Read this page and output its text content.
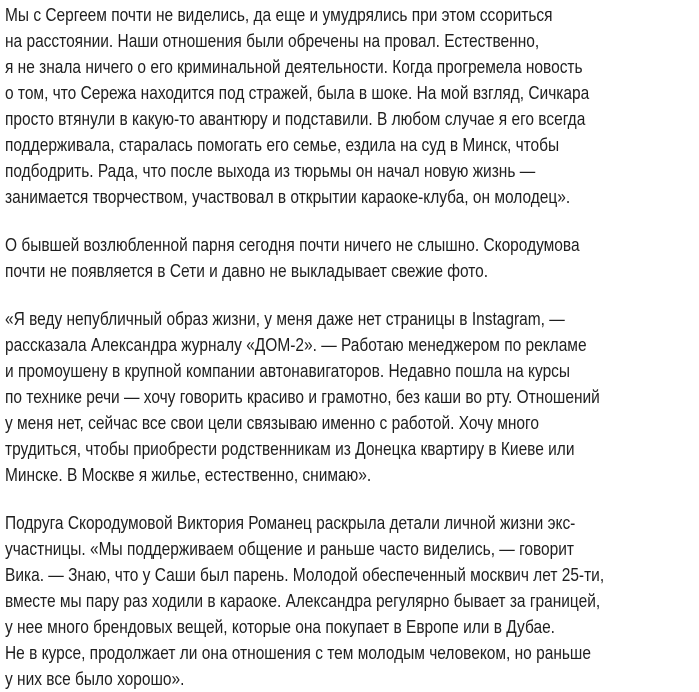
Мы с Сергеем почти не виделись, да еще и умудрялись при этом ссориться
на расстоянии. Наши отношения были обречены на провал. Естественно,
я не знала ничего о его криминальной деятельности. Когда прогремела новость
о том, что Сережа находится под стражей, была в шоке. На мой взгляд, Сичкара
просто втянули в какую-то авантюру и подставили. В любом случае я его всегда
поддерживала, старалась помогать его семье, ездила на суд в Минск, чтобы
подбодрить. Рада, что после выхода из тюрьмы он начал новую жизнь —
занимается творчеством, участвовал в открытии караоке-клуба, он молодец».

О бывшей возлюбленной парня сегодня почти ничего не слышно. Скородумова
почти не появляется в Сети и давно не выкладывает свежие фото.

«Я веду непубличный образ жизни, у меня даже нет страницы в Instagram, —
рассказала Александра журналу «ДОМ-2». — Работаю менеджером по рекламе
и промоушену в крупной компании автонавигаторов. Недавно пошла на курсы
по технике речи — хочу говорить красиво и грамотно, без каши во рту. Отношений
у меня нет, сейчас все свои цели связываю именно с работой. Хочу много
трудиться, чтобы приобрести родственникам из Донецка квартиру в Киеве или
Минске. В Москве я жилье, естественно, снимаю».

Подруга Скородумовой Виктория Романец раскрыла детали личной жизни экс-
участницы. «Мы поддерживаем общение и раньше часто виделись, — говорит
Вика. — Знаю, что у Саши был парень. Молодой обеспеченный москвич лет 25-ти,
вместе мы пару раз ходили в караоке. Александра регулярно бывает за границей,
у нее много брендовых вещей, которые она покупает в Европе или в Дубае.
Не в курсе, продолжает ли она отношения с тем молодым человеком, но раньше
у них все было хорошо».
